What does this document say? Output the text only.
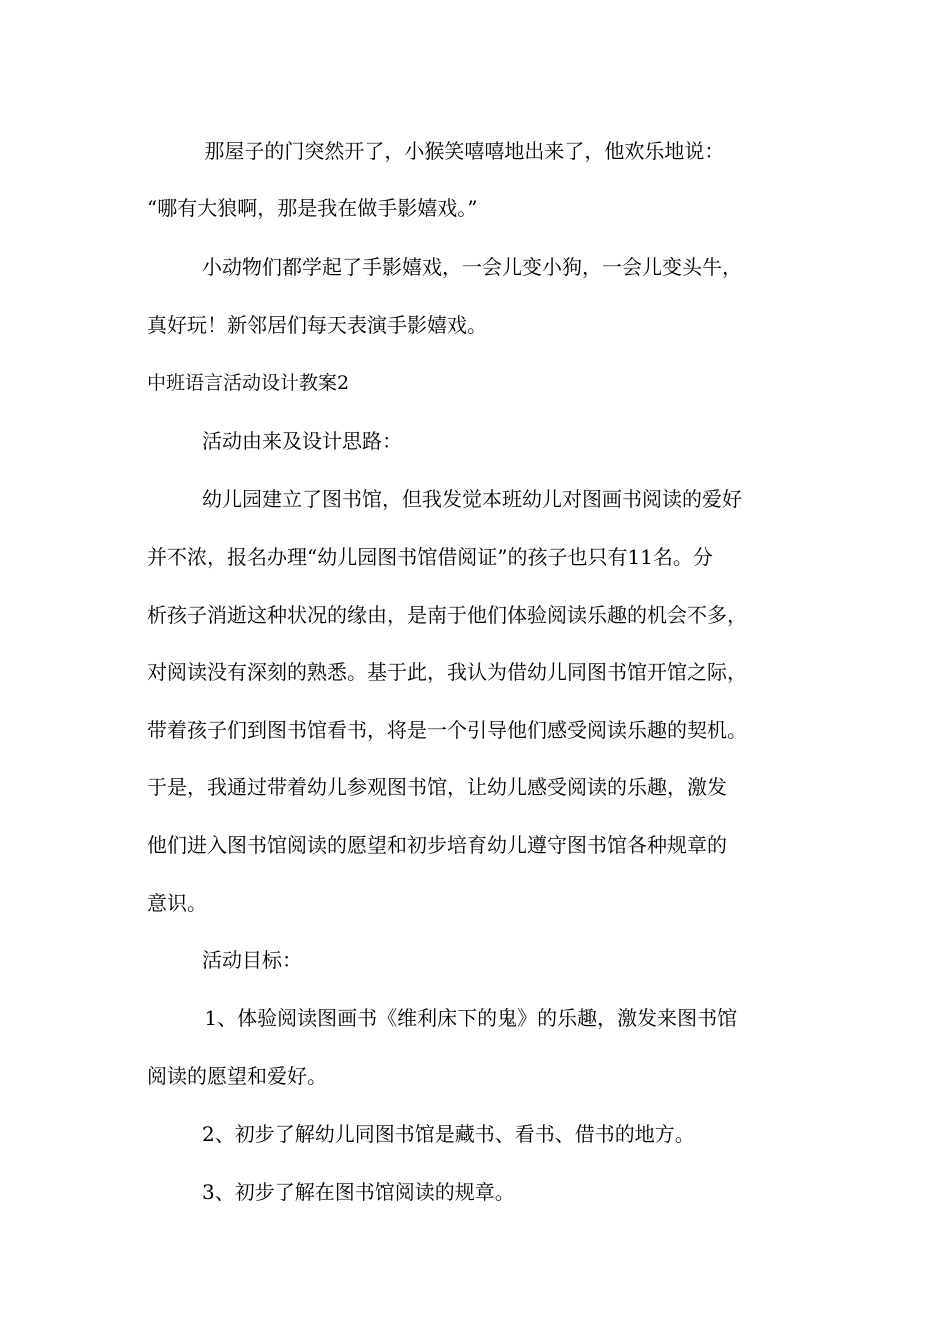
那屋子的门突然开了，小猴笑嘻嘻地出来了，他欢乐地说：
“哪有大狼啊，那是我在做手影嬉戏。”
小动物们都学起了手影嬉戏，一会儿变小狗，一会儿变头牛，
真好玩！新邻居们每天表演手影嬉戏。
中班语言活动设计教案2
活动由来及设计思路：
幼儿园建立了图书馆，但我发觉本班幼儿对图画书阅读的爱好
并不浓，报名办理“幼儿园图书馆借阅证”的孩子也只有11名。分
析孩子消逝这种状况的缘由，是南于他们体验阅读乐趣的机会不多，
对阅读没有深刻的熟悉。基于此，我认为借幼儿同图书馆开馆之际，
带着孩子们到图书馆看书，将是一个引导他们感受阅读乐趣的契机。
于是，我通过带着幼儿参观图书馆，让幼儿感受阅读的乐趣，激发
他们进入图书馆阅读的愿望和初步培育幼儿遵守图书馆各种规章的
意识。
活动目标：
1、体验阅读图画书《维利床下的鬼》的乐趣，激发来图书馆
阅读的愿望和爱好。
2、初步了解幼儿同图书馆是藏书、看书、借书的地方。
3、初步了解在图书馆阅读的规章。
